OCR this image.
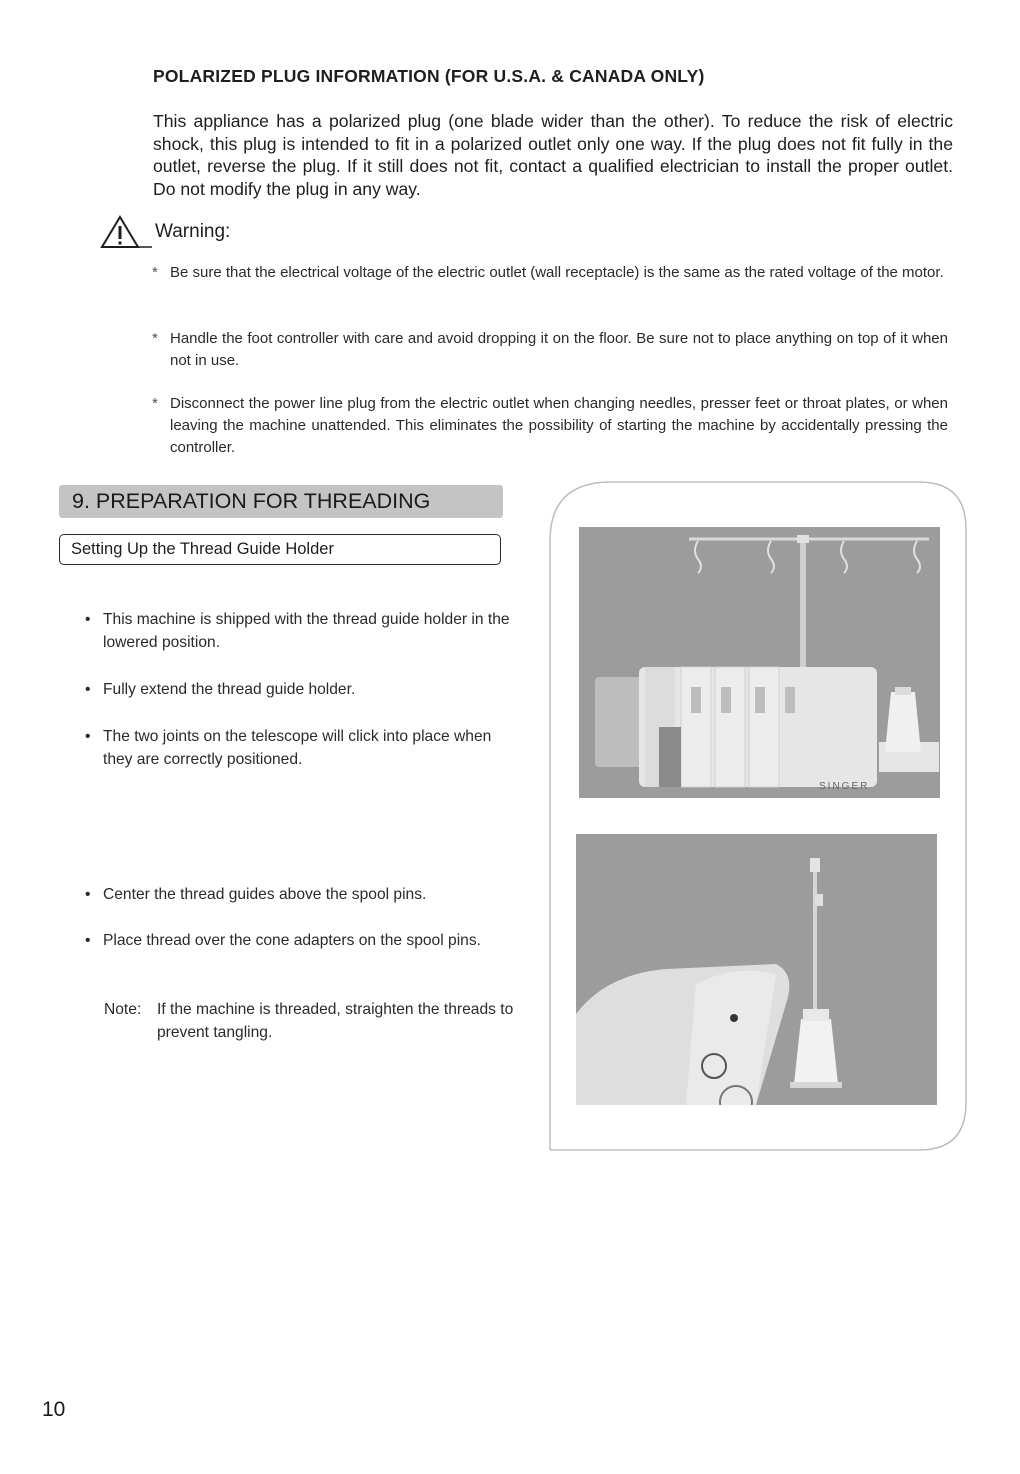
POLARIZED PLUG INFORMATION (FOR U.S.A. & CANADA ONLY)
This appliance has a polarized plug (one blade wider than the other). To reduce the risk of electric shock, this plug is intended to fit in a polarized outlet only one way. If the plug does not fit fully in the outlet, reverse the plug. If it still does not fit, contact a qualified electrician to install the proper outlet. Do not modify the plug in any way.
Warning:
* Be sure that the electrical voltage of the electric outlet (wall receptacle) is the same as the rated voltage of the motor.
* Handle the foot controller with care and avoid dropping it on the floor. Be sure not to place anything on top of it when not in use.
* Disconnect the power line plug from the electric outlet when changing needles, presser feet or throat plates, or when leaving the machine unattended. This eliminates the possibility of starting the machine by accidentally pressing the controller.
9. PREPARATION FOR THREADING
Setting Up the Thread Guide Holder
• This machine is shipped with the thread guide holder in the lowered position.
• Fully extend the thread guide holder.
• The two joints on the telescope will click into place when they are correctly positioned.
• Center the thread guides above the spool pins.
• Place thread over the cone adapters on the spool pins.
Note:	If the machine is threaded, straighten the threads to prevent tangling.
SINGER
10
